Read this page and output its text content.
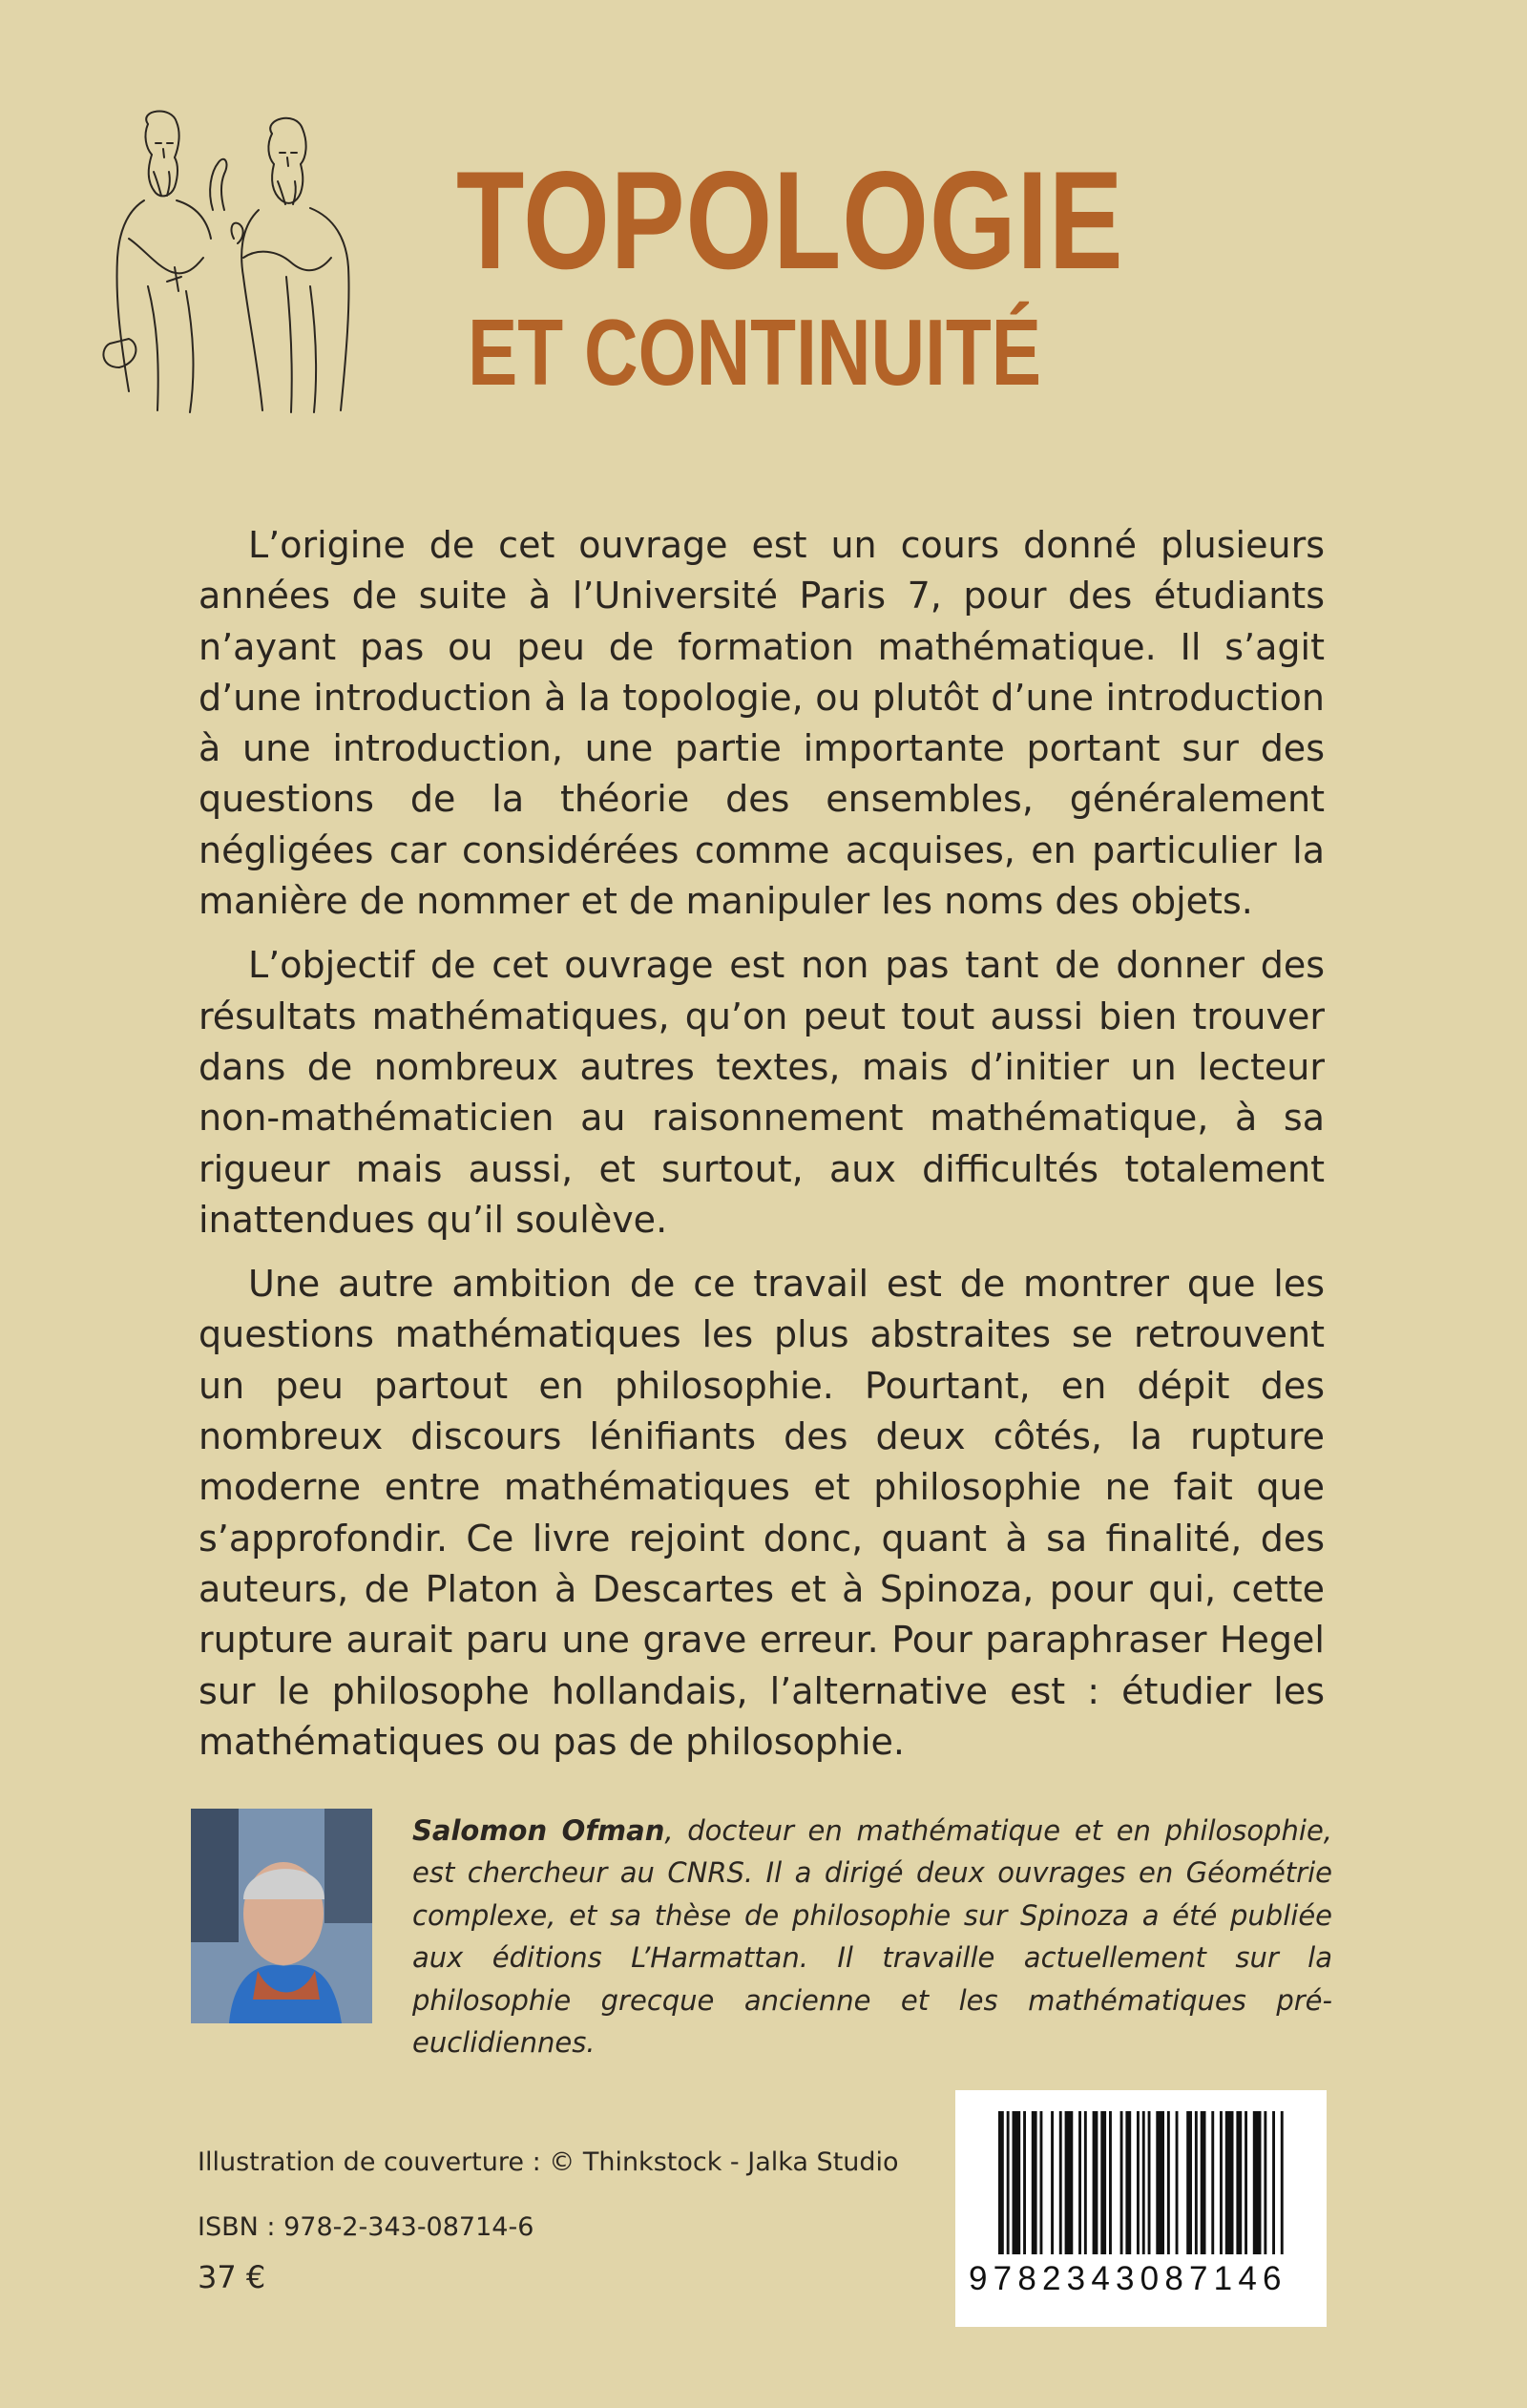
TOPOLOGIE
ET CONTINUITÉ

L’origine de cet ouvrage est un cours donné plusieurs années de suite à l’Université Paris 7, pour des étudiants n’ayant pas ou peu de formation mathématique. Il s’agit d’une introduction à la topologie, ou plutôt d’une introduction à une introduction, une partie importante portant sur des questions de la théorie des ensembles, généralement négligées car considérées comme acquises, en particulier la manière de nommer et de manipuler les noms des objets.

L’objectif de cet ouvrage est non pas tant de donner des résultats mathématiques, qu’on peut tout aussi bien trouver dans de nombreux autres textes, mais d’initier un lecteur non-mathématicien au raisonnement mathématique, à sa rigueur mais aussi, et surtout, aux difficultés totalement inattendues qu’il soulève.

Une autre ambition de ce travail est de montrer que les questions mathématiques les plus abstraites se retrouvent un peu partout en philosophie. Pourtant, en dépit des nombreux discours lénifiants des deux côtés, la rupture moderne entre mathématiques et philosophie ne fait que s’approfondir. Ce livre rejoint donc, quant à sa finalité, des auteurs, de Platon à Descartes et à Spinoza, pour qui, cette rupture aurait paru une grave erreur. Pour paraphraser Hegel sur le philosophe hollandais, l’alternative est : étudier les mathématiques ou pas de philosophie.

Salomon Ofman, docteur en mathématique et en philosophie, est chercheur au CNRS. Il a dirigé deux ouvrages en Géométrie complexe, et sa thèse de philosophie sur Spinoza a été publiée aux éditions L’Harmattan. Il travaille actuellement sur la philosophie grecque ancienne et les mathématiques pré-euclidiennes.
Illustration de couverture : © Thinkstock - Jalka Studio
ISBN : 978-2-343-08714-6
37 €	9782343087146
